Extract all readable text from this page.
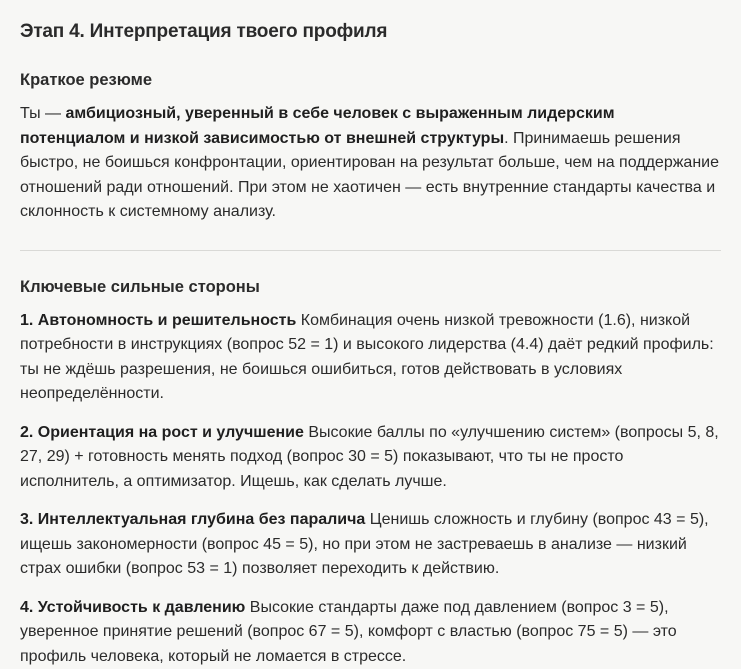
Этап 4. Интерпретация твоего профиля
Краткое резюме

Ты — амбициозный, уверенный в себе человек с выраженным лидерским потенциалом и низкой зависимостью от внешней структуры. Принимаешь решения быстро, не боишься конфронтации, ориентирован на результат больше, чем на поддержание отношений ради отношений. При этом не хаотичен — есть внутренние стандарты качества и склонность к системному анализу.

Ключевые сильные стороны

1. Автономность и решительность Комбинация очень низкой тревожности (1.6), низкой потребности в инструкциях (вопрос 52 = 1) и высокого лидерства (4.4) даёт редкий профиль: ты не ждёшь разрешения, не боишься ошибиться, готов действовать в условиях неопределённости.

2. Ориентация на рост и улучшение Высокие баллы по «улучшению систем» (вопросы 5, 8, 27, 29) + готовность менять подход (вопрос 30 = 5) показывают, что ты не просто исполнитель, а оптимизатор. Ищешь, как сделать лучше.

3. Интеллектуальная глубина без паралича Ценишь сложность и глубину (вопрос 43 = 5), ищешь закономерности (вопрос 45 = 5), но при этом не застреваешь в анализе — низкий страх ошибки (вопрос 53 = 1) позволяет переходить к действию.

4. Устойчивость к давлению Высокие стандарты даже под давлением (вопрос 3 = 5), уверенное принятие решений (вопрос 67 = 5), комфорт с властью (вопрос 75 = 5) — это профиль человека, который не ломается в стрессе.
